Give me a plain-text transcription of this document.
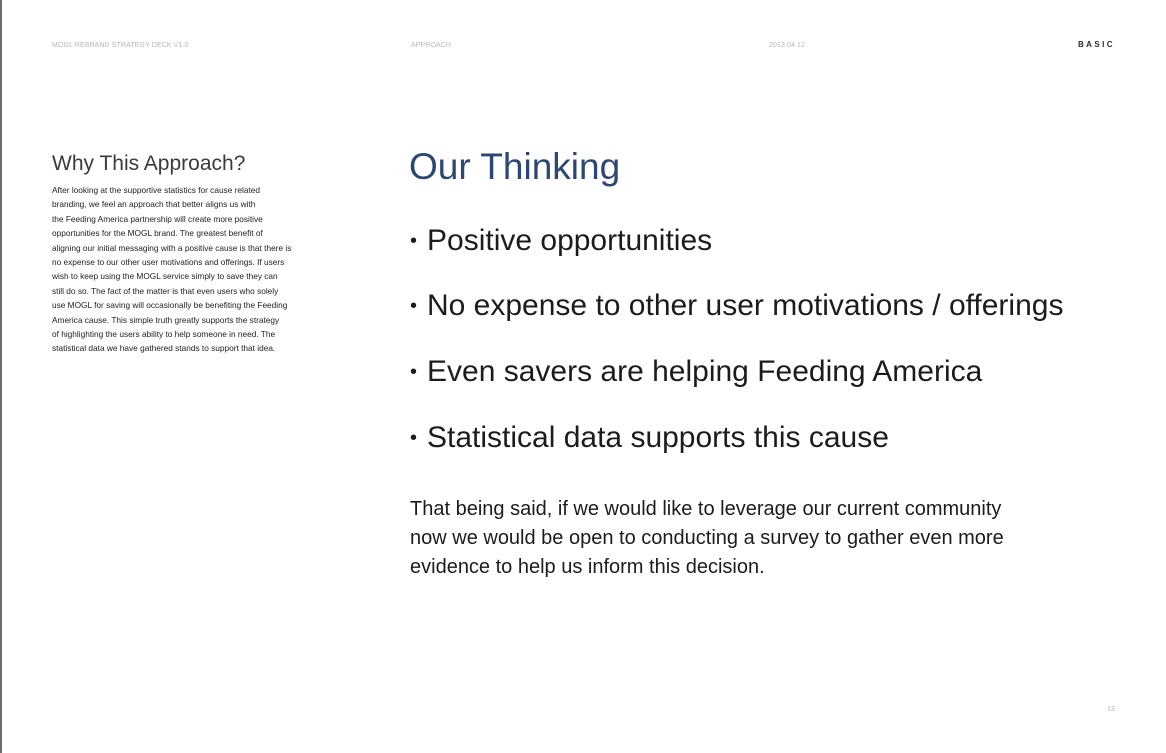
MOGL REBRAND STRATEGY DECK V1.0	APPROACH	2013.04.12	BASIC
Why This Approach?
After looking at the supportive statistics for cause related
branding, we feel an approach that better aligns us with
the Feeding America partnership will create more positive
opportunities for the MOGL brand. The greatest benefit of
aligning our initial messaging with a positive cause is that there is
no expense to our other user motivations and offerings. If users
wish to keep using the MOGL service simply to save they can
still do so. The fact of the matter is that even users who solely
use MOGL for saving will occasionally be benefiting the Feeding
America cause. This simple truth greatly supports the strategy
of highlighting the users ability to help someone in need. The
statistical data we have gathered stands to support that idea.
Our Thinking
• Positive opportunities
• No expense to other user motivations / offerings
• Even savers are helping Feeding America
• Statistical data supports this cause
That being said, if we would like to leverage our current community
now we would be open to conducting a survey to gather even more
evidence to help us inform this decision.
13
